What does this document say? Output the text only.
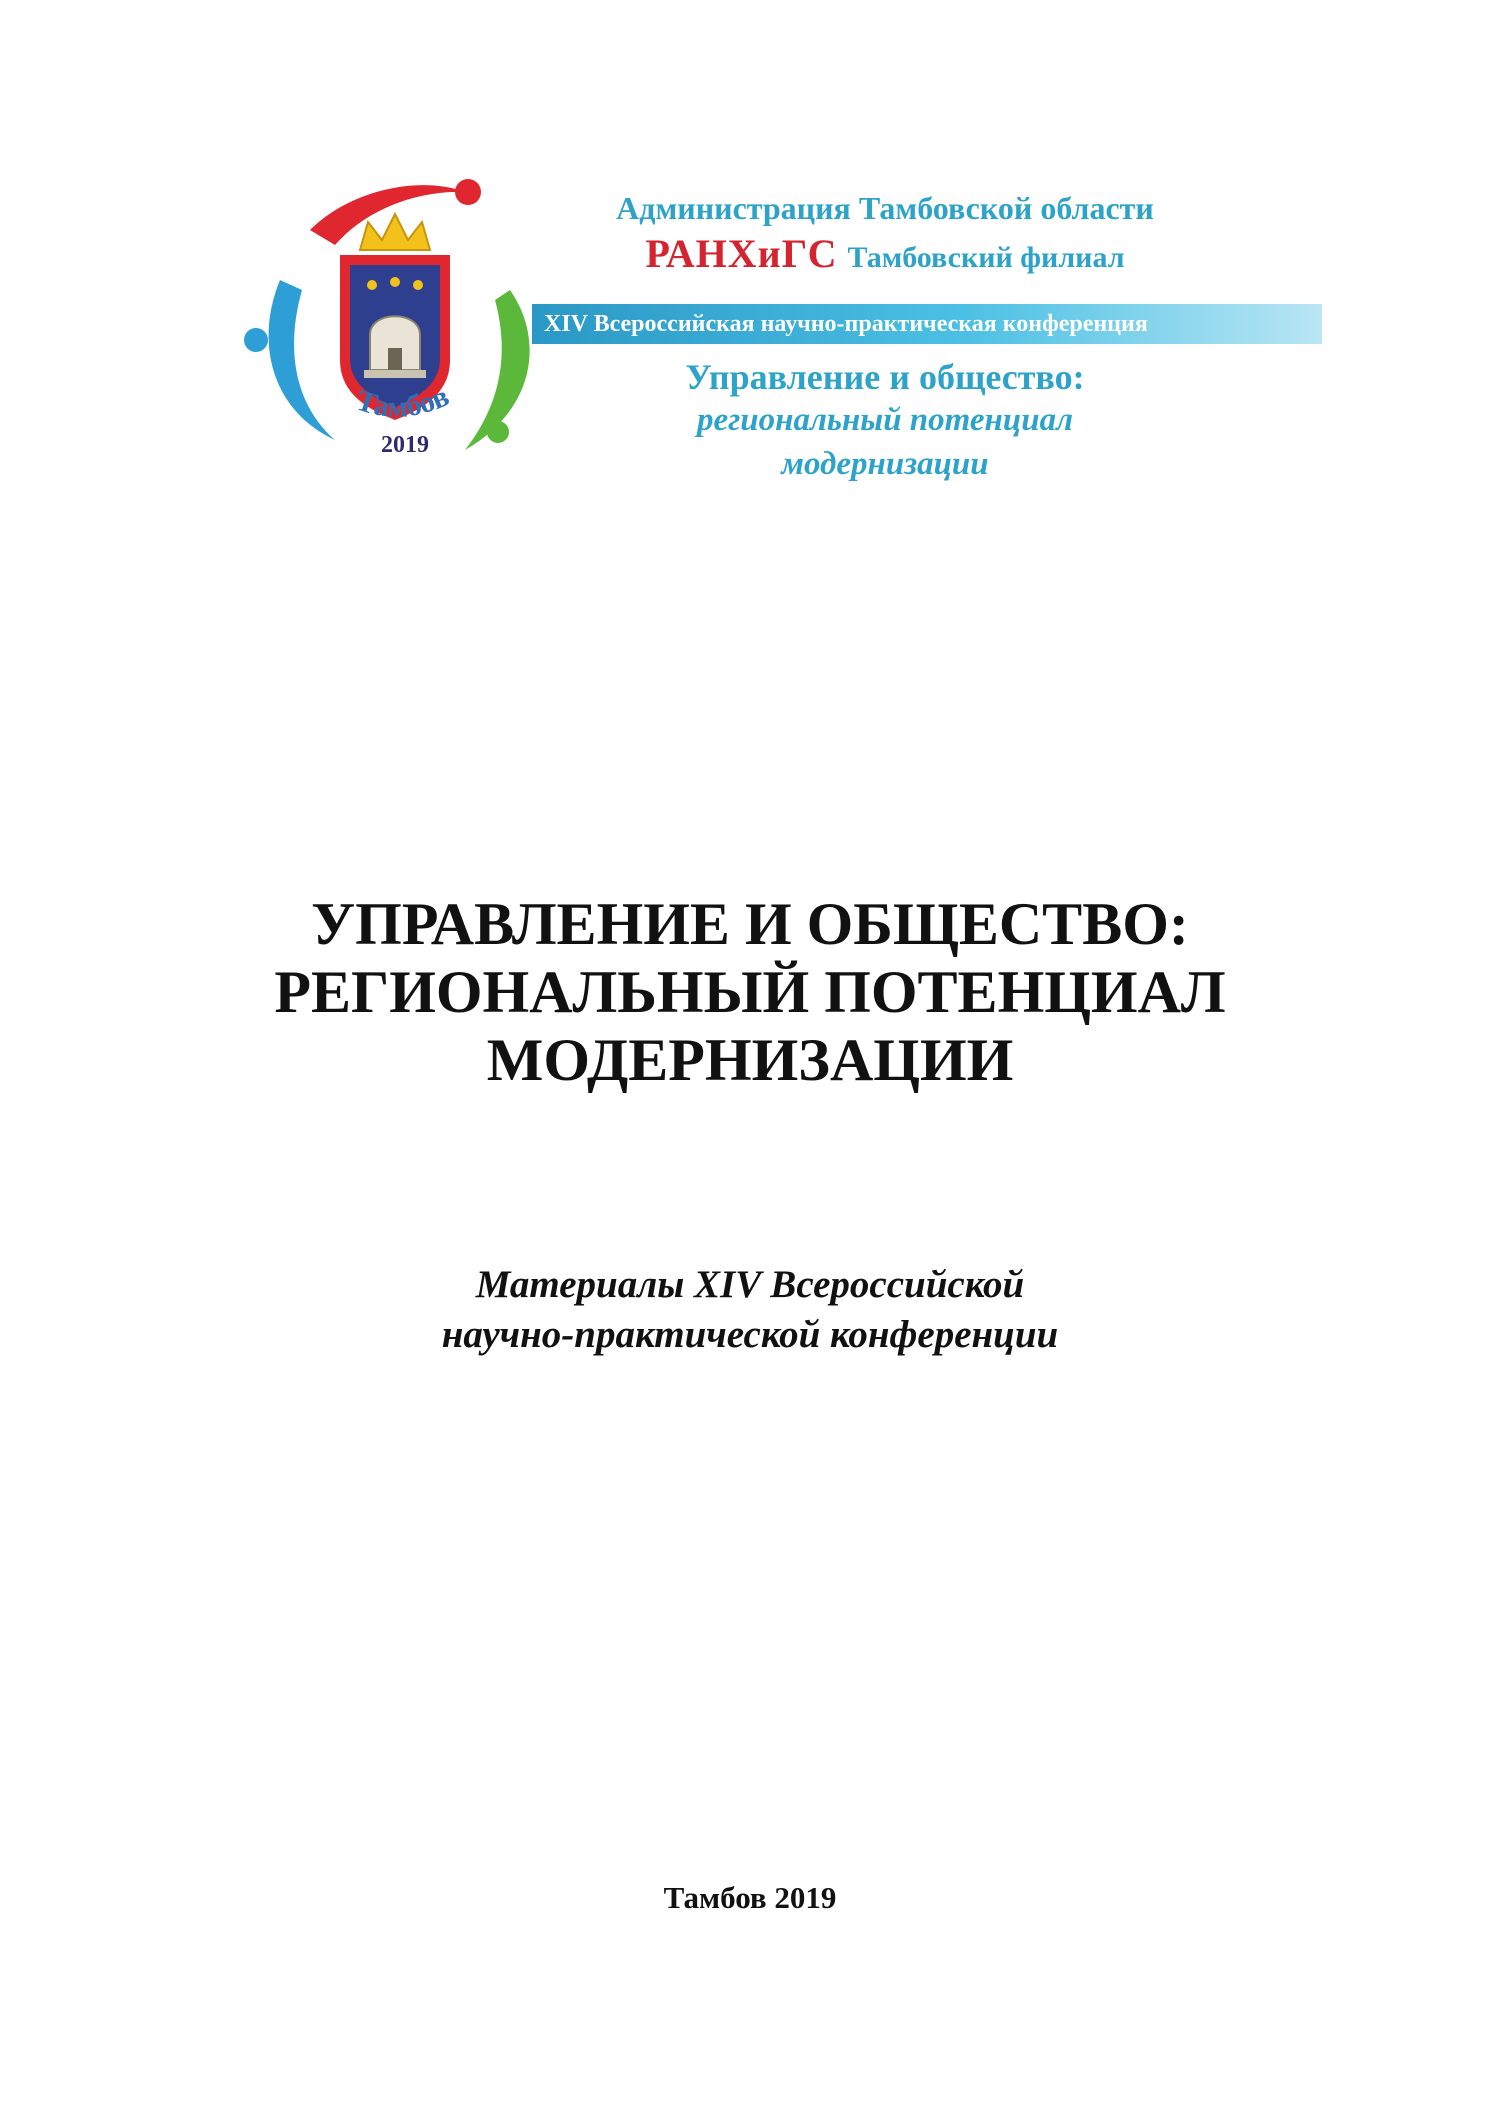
Тамбов
2019
Администрация Тамбовской области
РАНХиГС Тамбовский филиал
XIV Всероссийская научно-практическая конференция
Управление и общество:
региональный потенциал
модернизации
УПРАВЛЕНИЕ И ОБЩЕСТВО:
РЕГИОНАЛЬНЫЙ ПОТЕНЦИАЛ
МОДЕРНИЗАЦИИ
Материалы XIV Всероссийской
научно-практической конференции
Тамбов 2019
